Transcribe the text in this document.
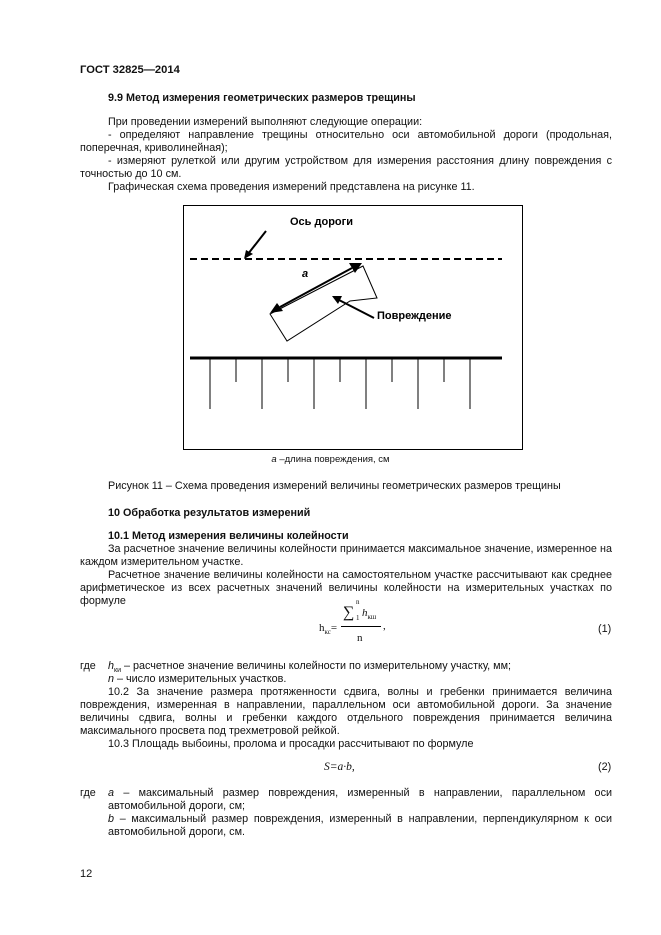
ГОСТ 32825—2014
9.9 Метод измерения геометрических размеров трещины
При проведении измерений выполняют следующие операции:
- определяют направление трещины относительно оси автомобильной дороги (продольная, поперечная, криволинейная);
- измеряют рулеткой или другим устройством для измерения расстояния длину повреждения с точностью до 10 см.
Графическая схема проведения измерений представлена на рисунке 11.
Ось дороги
а
Повреждение
а –длина повреждения, см
Рисунок 11 – Схема проведения измерений величины геометрических размеров трещины
10 Обработка результатов измерений
10.1 Метод измерения величины колейности
За расчетное значение величины колейности принимается максимальное значение, измеренное на каждом измерительном участке.
Расчетное значение величины колейности на самостоятельном участке рассчитывают как среднее арифметическое из всех расчетных значений величины колейности на измерительных участках по формуле
$h_{кс}=$
∑
n
1 $h_{кш}$
n
,	(1)
где $h_{ки}$ – расчетное значение величины колейности по измерительному участку, мм;
n – число измерительных участков.
10.2 За значение размера протяженности сдвига, волны и гребенки принимается величина повреждения, измеренная в направлении, параллельном оси автомобильной дороги. За значение величины сдвига, волны и гребенки каждого отдельного повреждения принимается величина максимального просвета под трехметровой рейкой.
10.3 Площадь выбоины, пролома и просадки рассчитывают по формуле
S=a·b,	(2)
где a – максимальный размер повреждения, измеренный в направлении, параллельном оси автомобильной дороги, см;
b – максимальный размер повреждения, измеренный в направлении, перпендикулярном к оси автомобильной дороги, см.
12
